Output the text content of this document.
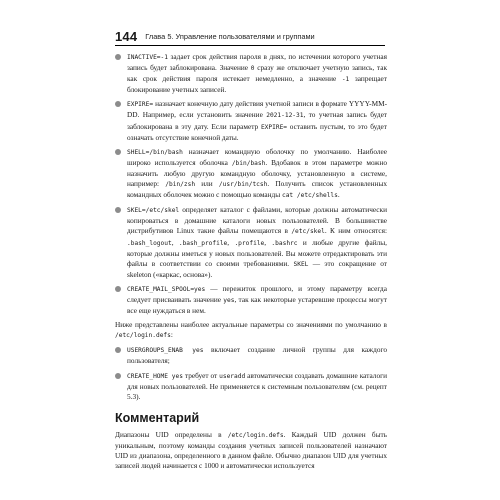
144 Глава 5. Управление пользователями и группами
INACTIVE=-1 задает срок действия пароля в днях, по истечении которого учетная запись будет заблокирована. Значение 0 сразу же отключает учетную запись, так как срок действия пароля истекает немедленно, а значение -1 запрещает блокирование учетных записей.
EXPIRE= назначает конечную дату действия учетной записи в формате YYYY-MM-DD. Например, если установить значение 2021-12-31, то учетная запись будет заблокирована в эту дату. Если параметр EXPIRE= оставить пустым, то это будет означать отсутствие конечной даты.
SHELL=/bin/bash назначает командную оболочку по умолчанию. Наиболее широко используется оболочка /bin/bash. Вдобавок в этом параметре можно назначить любую другую командную оболочку, установленную в системе, например: /bin/zsh или /usr/bin/tcsh. Получить список установленных командных оболочек можно с помощью команды cat /etc/shells.
SKEL=/etc/skel определяет каталог с файлами, которые должны автоматически копироваться в домашние каталоги новых пользователей. В большинстве дистрибутивов Linux такие файлы помещаются в /etc/skel. К ним относятся: .bash_logout, .bash_profile, .profile, .bashrc и любые другие файлы, которые должны иметься у новых пользователей. Вы можете отредактировать эти файлы в соответствии со своими требованиями. SKEL — это сокращение от skeleton («каркас, основа»).
CREATE_MAIL_SPOOL=yes — пережиток прошлого, и этому параметру всегда следует присваивать значение yes, так как некоторые устаревшие процессы могут все еще нуждаться в нем.
Ниже представлены наиболее актуальные параметры со значениями по умолчанию в /etc/login.defs:
USERGROUPS_ENAB yes включает создание личной группы для каждого пользователя;
CREATE_HOME yes требует от useradd автоматически создавать домашние каталоги для новых пользователей. Не применяется к системным пользователям (см. рецепт 5.3).
Комментарий
Диапазоны UID определены в /etc/login.defs. Каждый UID должен быть уникальным, поэтому команды создания учетных записей пользователей назначают UID из диапазона, определенного в данном файле. Обычно диапазон UID для учетных записей людей начинается с 1000 и автоматически используется
